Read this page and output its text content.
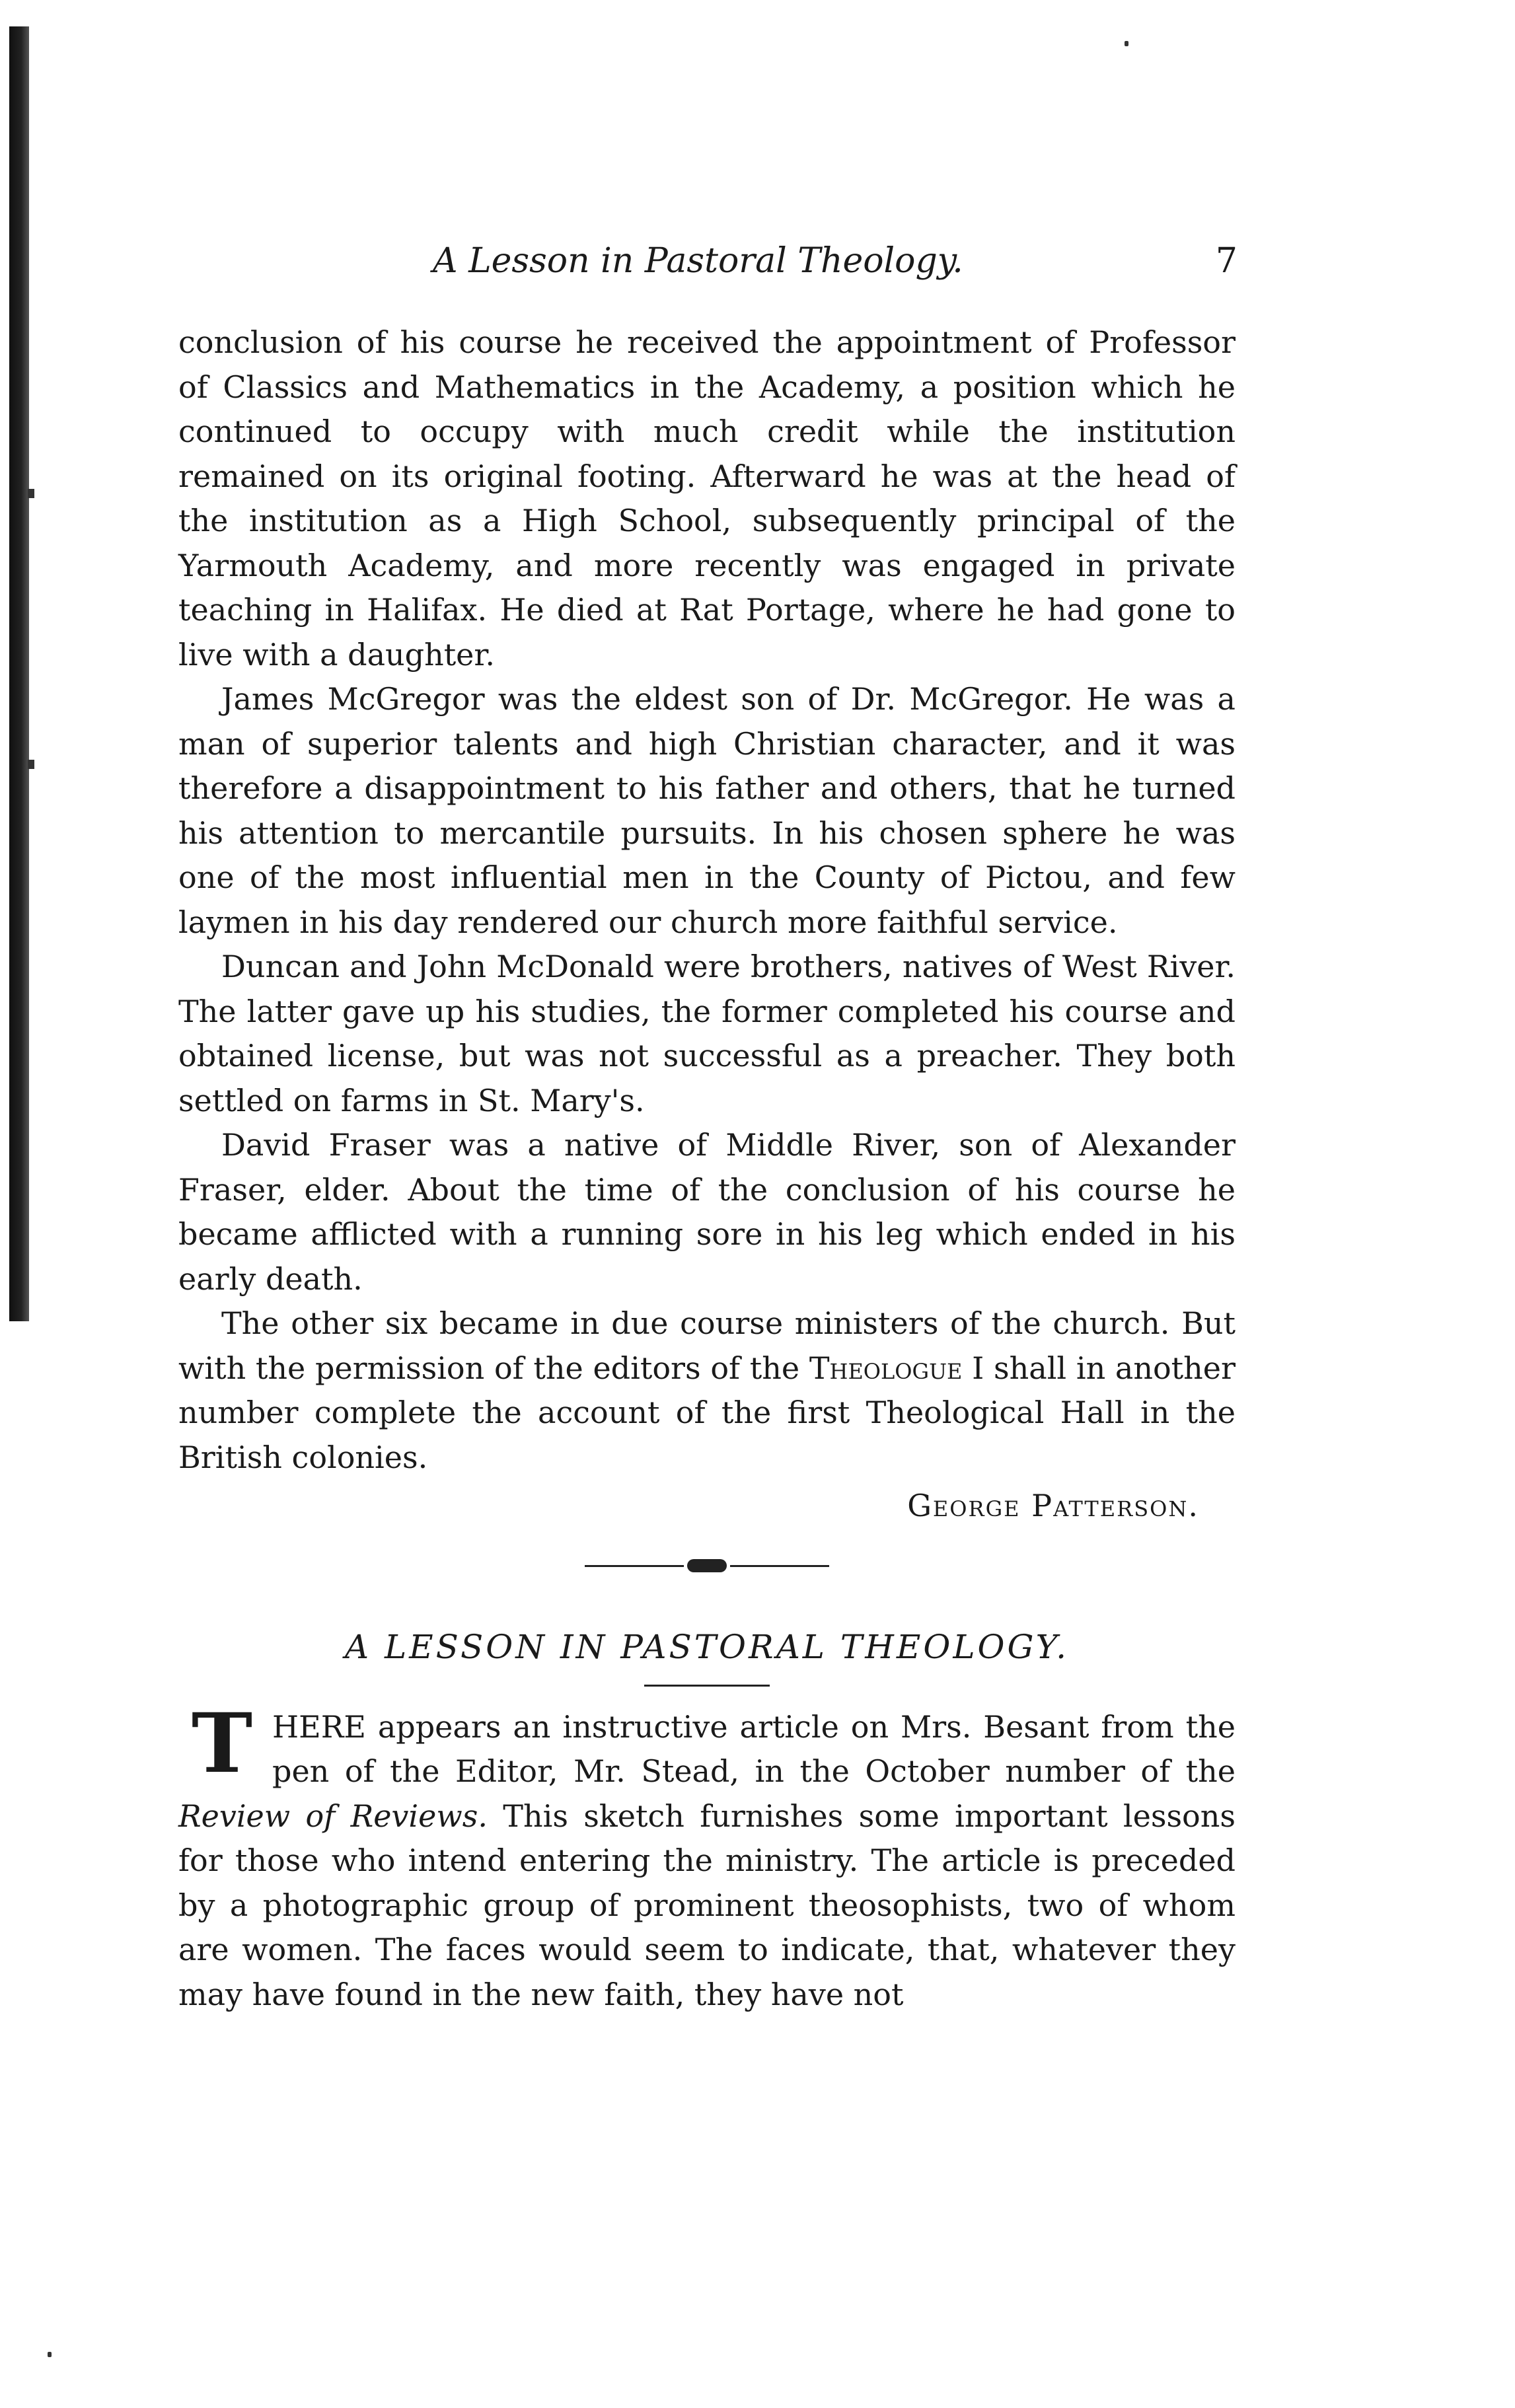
A Lesson in Pastoral Theology.	7

conclusion of his course he received the appointment of Professor of Classics and Mathematics in the Academy, a position which he continued to occupy with much credit while the institution remained on its original footing. Afterward he was at the head of the institution as a High School, subsequently principal of the Yarmouth Academy, and more recently was engaged in private teaching in Halifax. He died at Rat Portage, where he had gone to live with a daughter.

James McGregor was the eldest son of Dr. McGregor. He was a man of superior talents and high Christian character, and it was therefore a disappointment to his father and others, that he turned his attention to mercantile pursuits. In his chosen sphere he was one of the most influential men in the County of Pictou, and few laymen in his day rendered our church more faithful service.

Duncan and John McDonald were brothers, natives of West River. The latter gave up his studies, the former completed his course and obtained license, but was not successful as a preacher. They both settled on farms in St. Mary's.

David Fraser was a native of Middle River, son of Alexander Fraser, elder. About the time of the conclusion of his course he became afflicted with a running sore in his leg which ended in his early death.

The other six became in due course ministers of the church. But with the permission of the editors of the Theologue I shall in another number complete the account of the first Theological Hall in the British colonies.

George Patterson.
A LESSON IN PASTORAL THEOLOGY.

THERE appears an instructive article on Mrs. Besant from the pen of the Editor, Mr. Stead, in the October number of the Review of Reviews. This sketch furnishes some important lessons for those who intend entering the ministry. The article is preceded by a photographic group of prominent theosophists, two of whom are women. The faces would seem to indicate, that, whatever they may have found in the new faith, they have not
